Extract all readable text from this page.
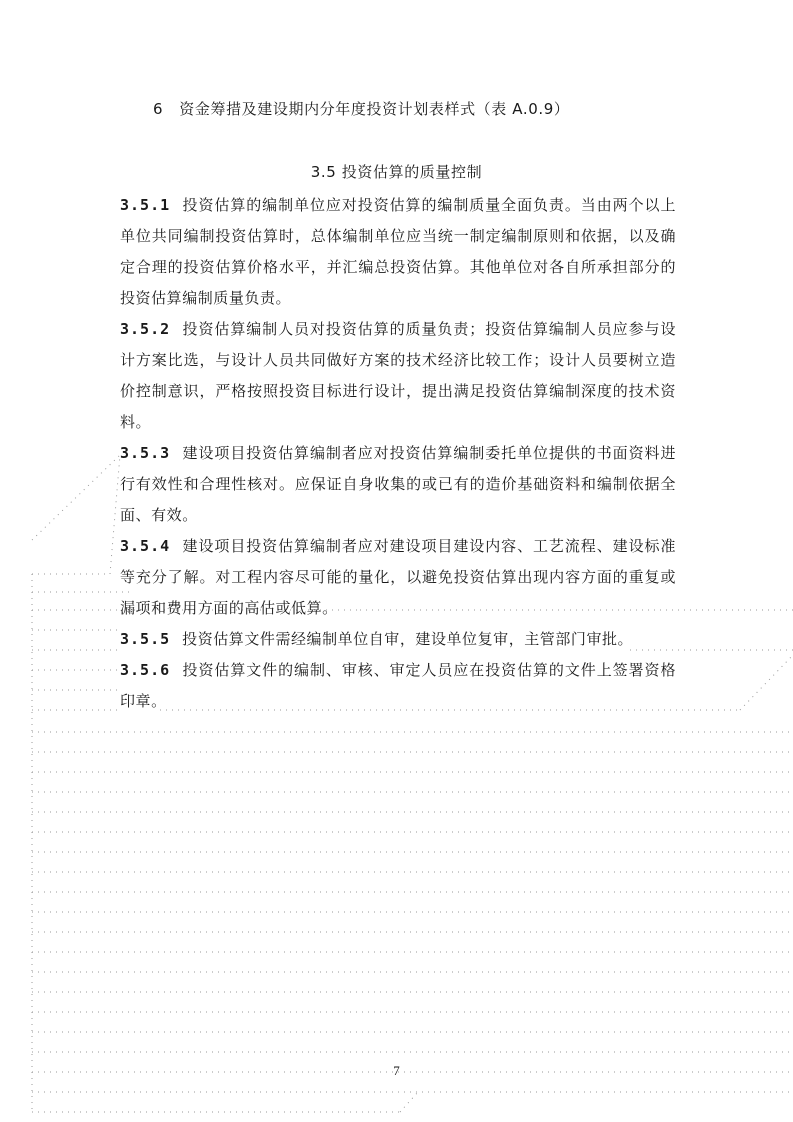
6 资金筹措及建设期内分年度投资计划表样式（表 A.0.9）
3.5 投资估算的质量控制

3.5.1 投资估算的编制单位应对投资估算的编制质量全面负责。当由两个以上单位共同编制投资估算时，总体编制单位应当统一制定编制原则和依据，以及确定合理的投资估算价格水平，并汇编总投资估算。其他单位对各自所承担部分的投资估算编制质量负责。

3.5.2 投资估算编制人员对投资估算的质量负责；投资估算编制人员应参与设计方案比选，与设计人员共同做好方案的技术经济比较工作；设计人员要树立造价控制意识，严格按照投资目标进行设计，提出满足投资估算编制深度的技术资料。

3.5.3 建设项目投资估算编制者应对投资估算编制委托单位提供的书面资料进行有效性和合理性核对。应保证自身收集的或已有的造价基础资料和编制依据全面、有效。

3.5.4 建设项目投资估算编制者应对建设项目建设内容、工艺流程、建设标准等充分了解。对工程内容尽可能的量化，以避免投资估算出现内容方面的重复或漏项和费用方面的高估或低算。

3.5.5 投资估算文件需经编制单位自审，建设单位复审，主管部门审批。

3.5.6 投资估算文件的编制、审核、审定人员应在投资估算的文件上签署资格印章。

7
